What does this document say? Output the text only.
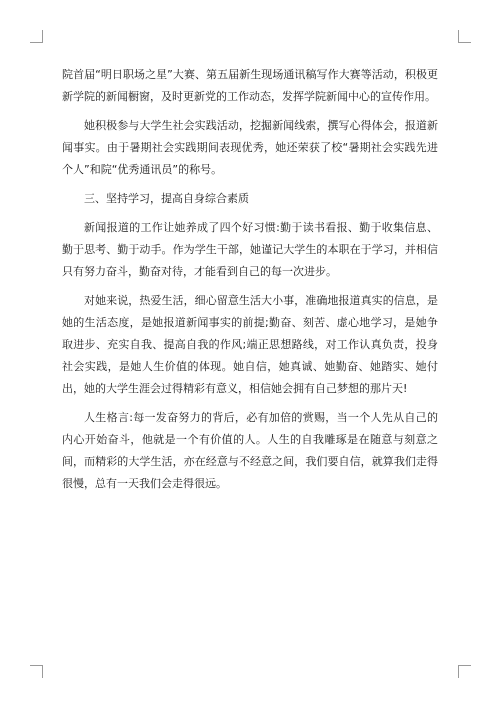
院首届“明日职场之星”大赛、第五届新生现场通讯稿写作大赛等活动，积极更新学院的新闻橱窗，及时更新党的工作动态，发挥学院新闻中心的宣传作用。

她积极参与大学生社会实践活动，挖掘新闻线索，撰写心得体会，报道新闻事实。由于暑期社会实践期间表现优秀，她还荣获了校“暑期社会实践先进个人”和院“优秀通讯员”的称号。

三、坚持学习，提高自身综合素质

新闻报道的工作让她养成了四个好习惯:勤于读书看报、勤于收集信息、勤于思考、勤于动手。作为学生干部，她谨记大学生的本职在于学习，并相信只有努力奋斗，勤奋对待，才能看到自己的每一次进步。

对她来说，热爱生活，细心留意生活大小事，准确地报道真实的信息，是她的生活态度，是她报道新闻事实的前提;勤奋、刻苦、虚心地学习，是她争取进步、充实自我、提高自我的作风;端正思想路线，对工作认真负责，投身社会实践，是她人生价值的体现。她自信，她真诚、她勤奋、她踏实、她付出，她的大学生涯会过得精彩有意义，相信她会拥有自己梦想的那片天!

人生格言:每一发奋努力的背后，必有加倍的赏赐，当一个人先从自己的内心开始奋斗，他就是一个有价值的人。人生的自我雕琢是在随意与刻意之间，而精彩的大学生活，亦在经意与不经意之间，我们要自信，就算我们走得很慢，总有一天我们会走得很远。
